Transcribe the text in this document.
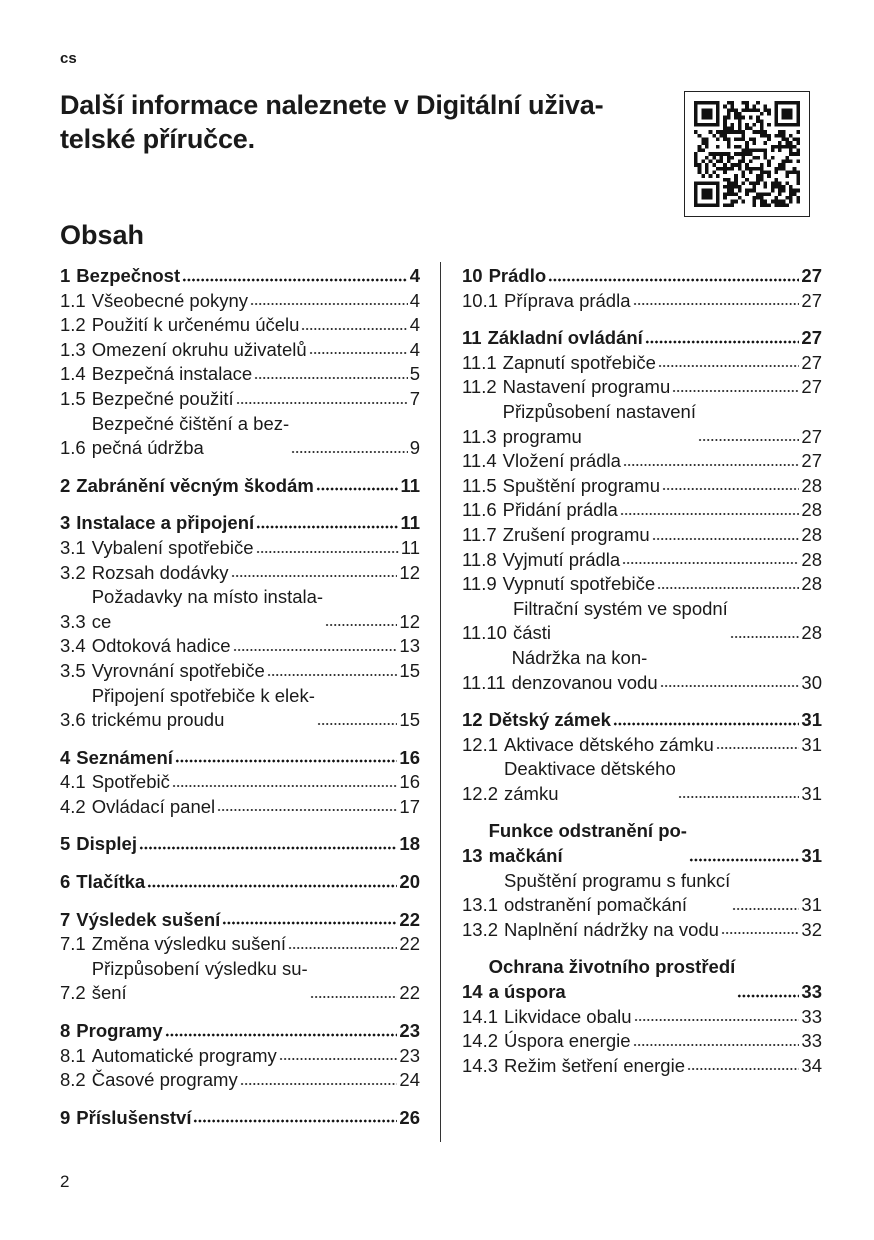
cs
Další informace naleznete v Digitální uživa-
telské příručce.
Obsah
1 Bezpečnost	4
1.1 Všeobecné pokyny	4
1.2 Použití k určenému účelu	4
1.3 Omezení okruhu uživatelů	4
1.4 Bezpečná instalace	5
1.5 Bezpečné použití	7
1.6
Bezpečné čištění a bez-
pečná údržba	9
2 Zabránění věcným škodám	11
3 Instalace a připojení	11
3.1 Vybalení spotřebiče	11
3.2 Rozsah dodávky	12
3.3
Požadavky na místo instala-
ce	12
3.4 Odtoková hadice	13
3.5 Vyrovnání spotřebiče	15
3.6
Připojení spotřebiče k elek-
trickému proudu	15
4 Seznámení	16
4.1 Spotřebič	16
4.2 Ovládací panel	17
5 Displej	18
6 Tlačítka	20
7 Výsledek sušení	22
7.1 Změna výsledku sušení	22
7.2
Přizpůsobení výsledku su-
šení	22
8 Programy	23
8.1 Automatické programy	23
8.2 Časové programy	24
9 Příslušenství	26
10 Prádlo	27
10.1 Příprava prádla	27
11 Základní ovládání	27
11.1 Zapnutí spotřebiče	27
11.2 Nastavení programu	27
11.3
Přizpůsobení nastavení
programu	27
11.4 Vložení prádla	27
11.5 Spuštění programu	28
11.6 Přidání prádla	28
11.7 Zrušení programu	28
11.8 Vyjmutí prádla	28
11.9 Vypnutí spotřebiče	28
11.10
Filtrační systém ve spodní
části	28
11.11
Nádržka na kon-
denzovanou vodu	30
12 Dětský zámek	31
12.1 Aktivace dětského zámku	31
12.2
Deaktivace dětského
zámku	31
13
Funkce odstranění po-
mačkání	31
13.1
Spuštění programu s funkcí
odstranění pomačkání	31
13.2 Naplnění nádržky na vodu	32
14
Ochrana životního prostředí
a úspora	33
14.1 Likvidace obalu	33
14.2 Úspora energie	33
14.3 Režim šetření energie	34
2
